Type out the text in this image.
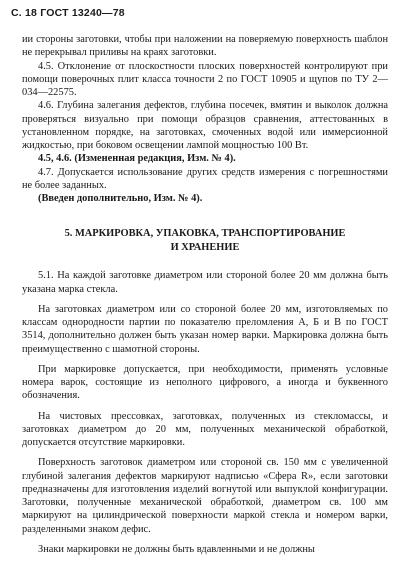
С. 18 ГОСТ 13240—78

ии стороны заготовки, чтобы при наложении на поверяемую поверхность шаблон не перекрывал приливы на краях заготовки.

4.5. Отклонение от плоскостности плоских поверхностей контролируют при помощи поверочных плит класса точности 2 по ГОСТ 10905 и щупов по ТУ 2—034—22575.

4.6. Глубина залегания дефектов, глубина посечек, вмятин и выколок должна проверяться визуально при помощи образцов сравнения, аттестованных в установленном порядке, на заготовках, смоченных водой или иммерсионной жидкостью, при боковом освещении лампой мощностью 100 Вт.

4.5, 4.6. (Измененная редакция, Изм. № 4).

4.7. Допускается использование других средств измерения с погрешностями не более заданных.

(Введен дополнительно, Изм. № 4).

5. МАРКИРОВКА, УПАКОВКА, ТРАНСПОРТИРОВАНИЕ
И ХРАНЕНИЕ

5.1. На каждой заготовке диаметром или стороной более 20 мм должна быть указана марка стекла.

На заготовках диаметром или со стороной более 20 мм, изготовляемых по классам однородности партии по показателю преломления А, Б и В по ГОСТ 3514, дополнительно должен быть указан номер варки. Маркировка должна быть преимущественно с шамотной стороны.

При маркировке допускается, при необходимости, применять условные номера варок, состоящие из неполного цифрового, а иногда и буквенного обозначения.

На чистовых прессовках, заготовках, полученных из стекломассы, и заготовках диаметром до 20 мм, полученных механической обработкой, допускается отсутствие маркировки.

Поверхность заготовок диаметром или стороной св. 150 мм с увеличенной глубиной залегания дефектов маркируют надписью «Сфера R», если заготовки предназначены для изготовления изделий вогнутой или выпуклой конфигурации. Заготовки, полученные механической обработкой, диаметром св. 100 мм маркируют на цилиндрической поверхности маркой стекла и номером варки, разделенными знаком дефис.

Знаки маркировки не должны быть вдавленными и не должны
